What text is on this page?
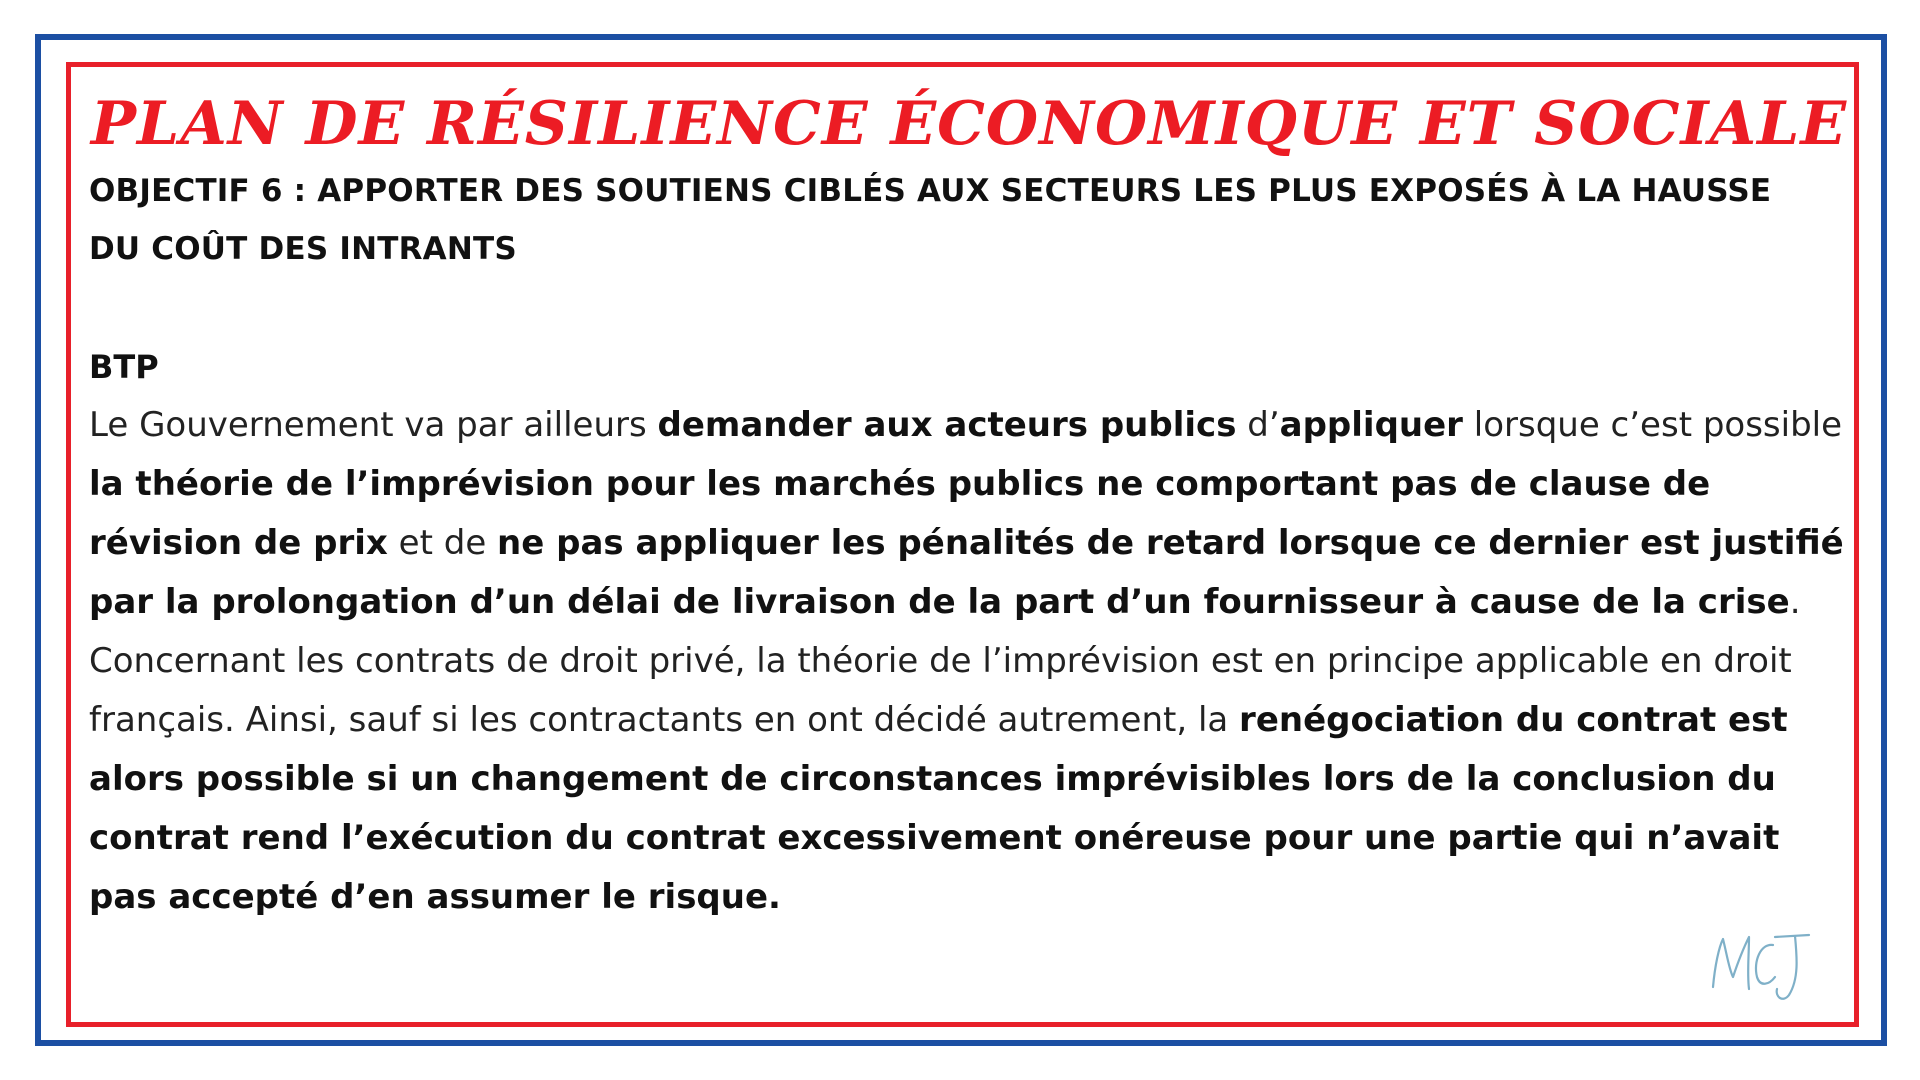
PLAN DE RÉSILIENCE ÉCONOMIQUE ET SOCIALE

OBJECTIF 6 : APPORTER DES SOUTIENS CIBLÉS AUX SECTEURS LES PLUS EXPOSÉS À LA HAUSSE DU COÛT DES INTRANTS

BTP

Le Gouvernement va par ailleurs demander aux acteurs publics d’appliquer lorsque c’est possible la théorie de l’imprévision pour les marchés publics ne comportant pas de clause de révision de prix et de ne pas appliquer les pénalités de retard lorsque ce dernier est justifié par la prolongation d’un délai de livraison de la part d’un fournisseur à cause de la crise.

Concernant les contrats de droit privé, la théorie de l’imprévision est en principe applicable en droit français. Ainsi, sauf si les contractants en ont décidé autrement, la renégociation du contrat est alors possible si un changement de circonstances imprévisibles lors de la conclusion du contrat rend l’exécution du contrat excessivement onéreuse pour une partie qui n’avait pas accepté d’en assumer le risque.
